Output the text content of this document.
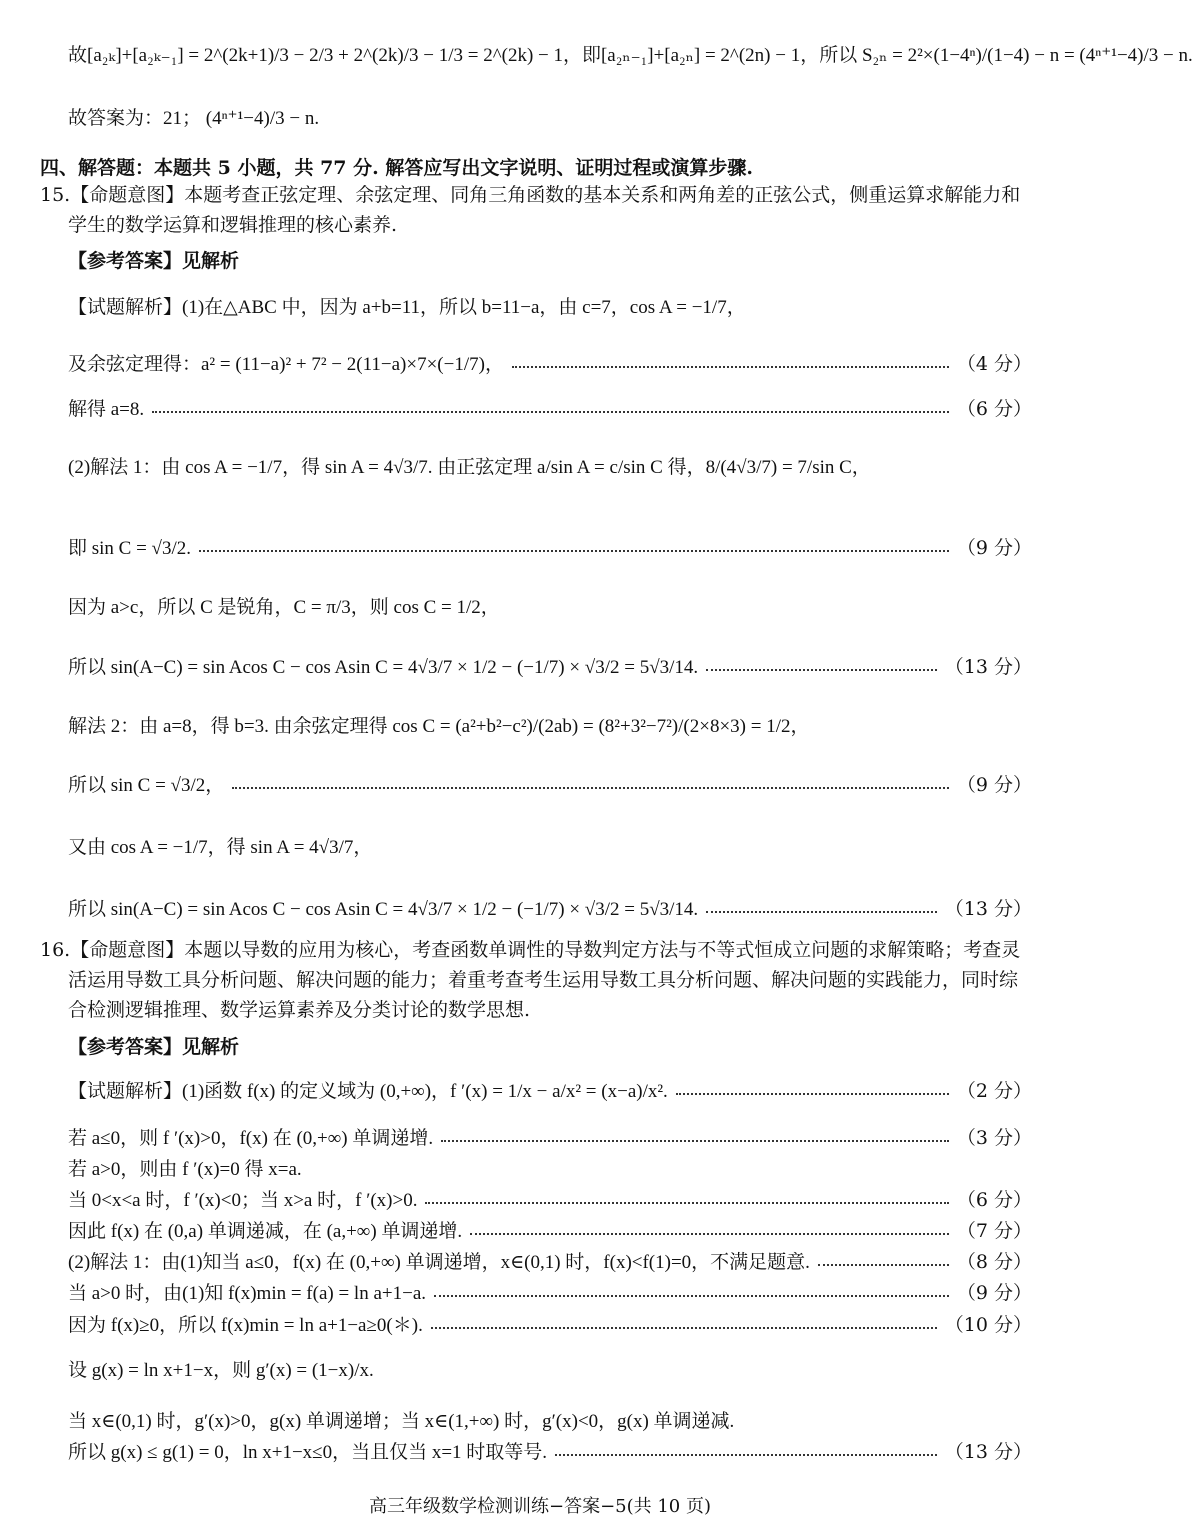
故[a₂ₖ]+[a₂ₖ₋₁] = 2^(2k+1)/3 − 2/3 + 2^(2k)/3 − 1/3 = 2^(2k) − 1，即[a₂ₙ₋₁]+[a₂ₙ] = 2^(2n) − 1，所以 S₂ₙ = 2²×(1−4ⁿ)/(1−4) − n = (4ⁿ⁺¹−4)/3 − n.
故答案为：21； (4ⁿ⁺¹−4)/3 − n.
四、解答题：本题共 5 小题，共 77 分. 解答应写出文字说明、证明过程或演算步骤.
15.【命题意图】本题考查正弦定理、余弦定理、同角三角函数的基本关系和两角差的正弦公式，侧重运算求解能力和学生的数学运算和逻辑推理的核心素养.
【参考答案】见解析
【试题解析】(1)在△ABC 中，因为 a+b=11，所以 b=11−a，由 c=7，cos A = −1/7，
及余弦定理得：a² = (11−a)² + 7² − 2(11−a)×7×(−1/7)，	（4 分）
解得 a=8.	（6 分）
(2)解法 1：由 cos A = −1/7，得 sin A = 4√3/7. 由正弦定理 a/sin A = c/sin C 得，8/(4√3/7) = 7/sin C，
即 sin C = √3/2.	（9 分）
因为 a>c，所以 C 是锐角，C = π/3，则 cos C = 1/2，
所以 sin(A−C) = sin Acos C − cos Asin C = 4√3/7 × 1/2 − (−1/7) × √3/2 = 5√3/14.	（13 分）
解法 2：由 a=8，得 b=3. 由余弦定理得 cos C = (a²+b²−c²)/(2ab) = (8²+3²−7²)/(2×8×3) = 1/2，
所以 sin C = √3/2，	（9 分）
又由 cos A = −1/7，得 sin A = 4√3/7，
所以 sin(A−C) = sin Acos C − cos Asin C = 4√3/7 × 1/2 − (−1/7) × √3/2 = 5√3/14.	（13 分）
16.【命题意图】本题以导数的应用为核心，考查函数单调性的导数判定方法与不等式恒成立问题的求解策略；考查灵活运用导数工具分析问题、解决问题的能力；着重考查考生运用导数工具分析问题、解决问题的实践能力，同时综合检测逻辑推理、数学运算素养及分类讨论的数学思想.
【参考答案】见解析
【试题解析】(1)函数 f(x) 的定义域为 (0,+∞)，f ′(x) = 1/x − a/x² = (x−a)/x².	（2 分）
若 a≤0，则 f ′(x)>0，f(x) 在 (0,+∞) 单调递增.	（3 分）
若 a>0，则由 f ′(x)=0 得 x=a.
当 0<x<a 时，f ′(x)<0；当 x>a 时，f ′(x)>0.	（6 分）
因此 f(x) 在 (0,a) 单调递减，在 (a,+∞) 单调递增.	（7 分）
(2)解法 1：由(1)知当 a≤0，f(x) 在 (0,+∞) 单调递增，x∈(0,1) 时，f(x)<f(1)=0，不满足题意.	（8 分）
当 a>0 时，由(1)知 f(x)min = f(a) = ln a+1−a.	（9 分）
因为 f(x)≥0，所以 f(x)min = ln a+1−a≥0(＊).	（10 分）
设 g(x) = ln x+1−x，则 g′(x) = (1−x)/x.
当 x∈(0,1) 时，g′(x)>0，g(x) 单调递增；当 x∈(1,+∞) 时，g′(x)<0，g(x) 单调递减.
所以 g(x) ≤ g(1) = 0，ln x+1−x≤0，当且仅当 x=1 时取等号.	（13 分）
高三年级数学检测训练−答案−5(共 10 页)
